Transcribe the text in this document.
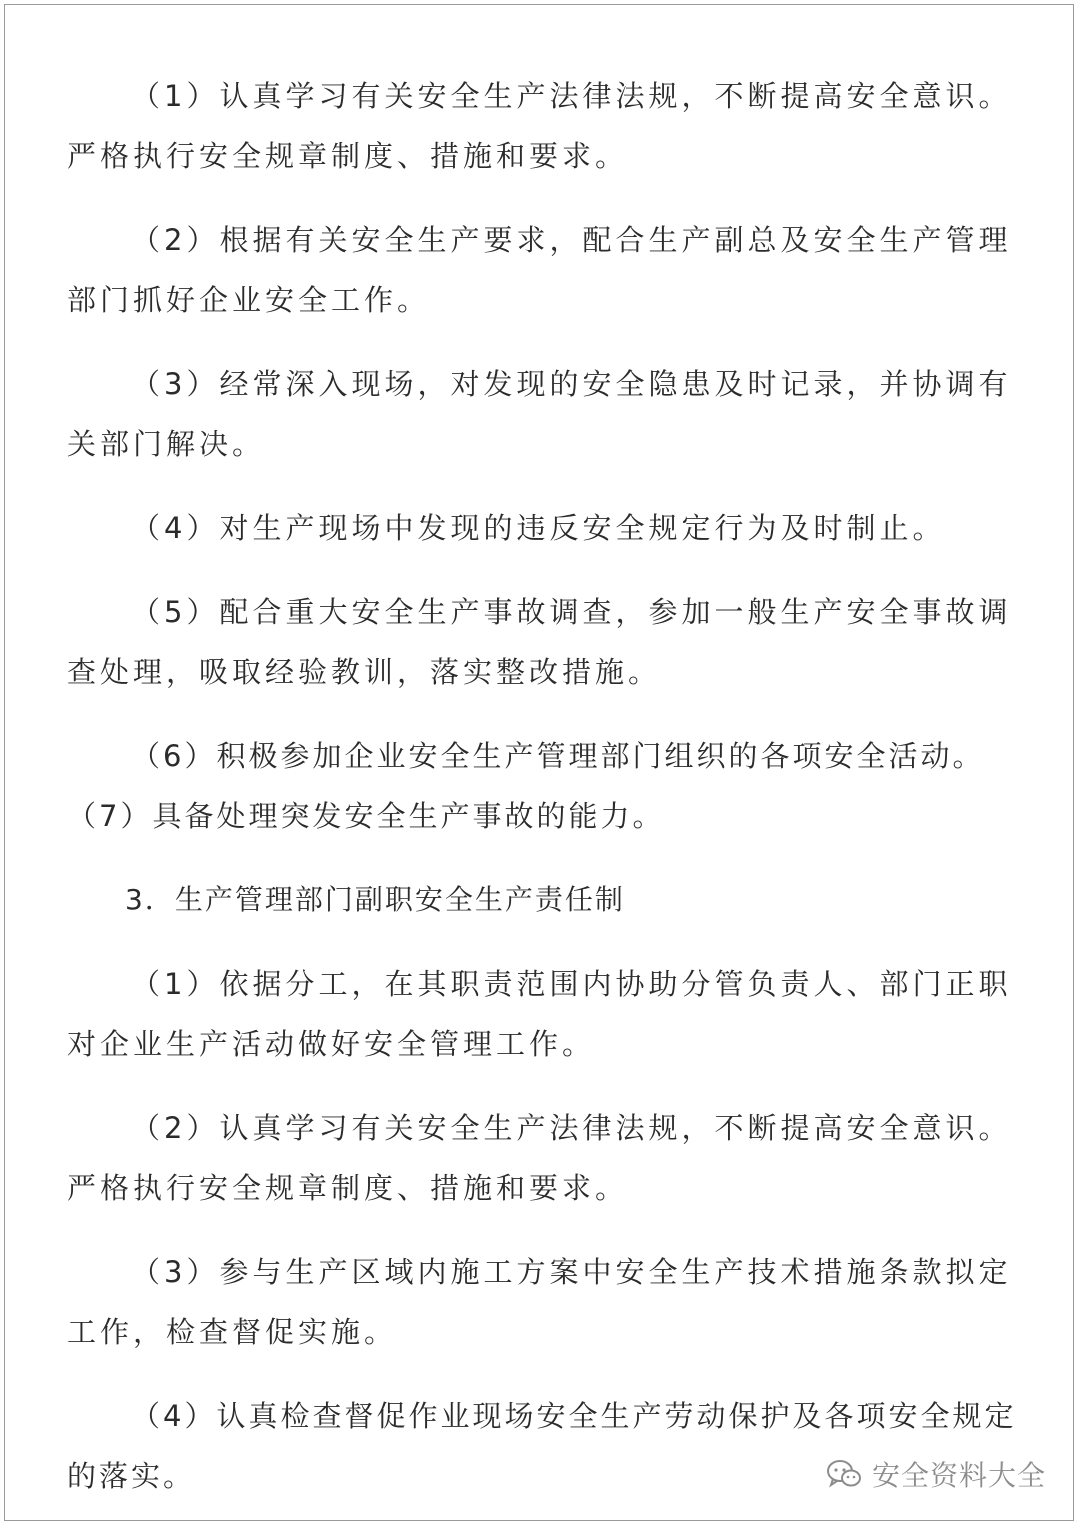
（1）认真学习有关安全生产法律法规，不断提高安全意识。严格执行安全规章制度、措施和要求。

（2）根据有关安全生产要求，配合生产副总及安全生产管理部门抓好企业安全工作。

（3）经常深入现场，对发现的安全隐患及时记录，并协调有关部门解决。

（4）对生产现场中发现的违反安全规定行为及时制止。

（5）配合重大安全生产事故调查，参加一般生产安全事故调查处理，吸取经验教训，落实整改措施。

（6）积极参加企业安全生产管理部门组织的各项安全活动。　　　（7）具备处理突发安全生产事故的能力。

3．生产管理部门副职安全生产责任制

（1）依据分工，在其职责范围内协助分管负责人、部门正职对企业生产活动做好安全管理工作。

（2）认真学习有关安全生产法律法规，不断提高安全意识。严格执行安全规章制度、措施和要求。

（3）参与生产区域内施工方案中安全生产技术措施条款拟定工作，检查督促实施。

（4）认真检查督促作业现场安全生产劳动保护及各项安全规定的落实。	安全资料大全
